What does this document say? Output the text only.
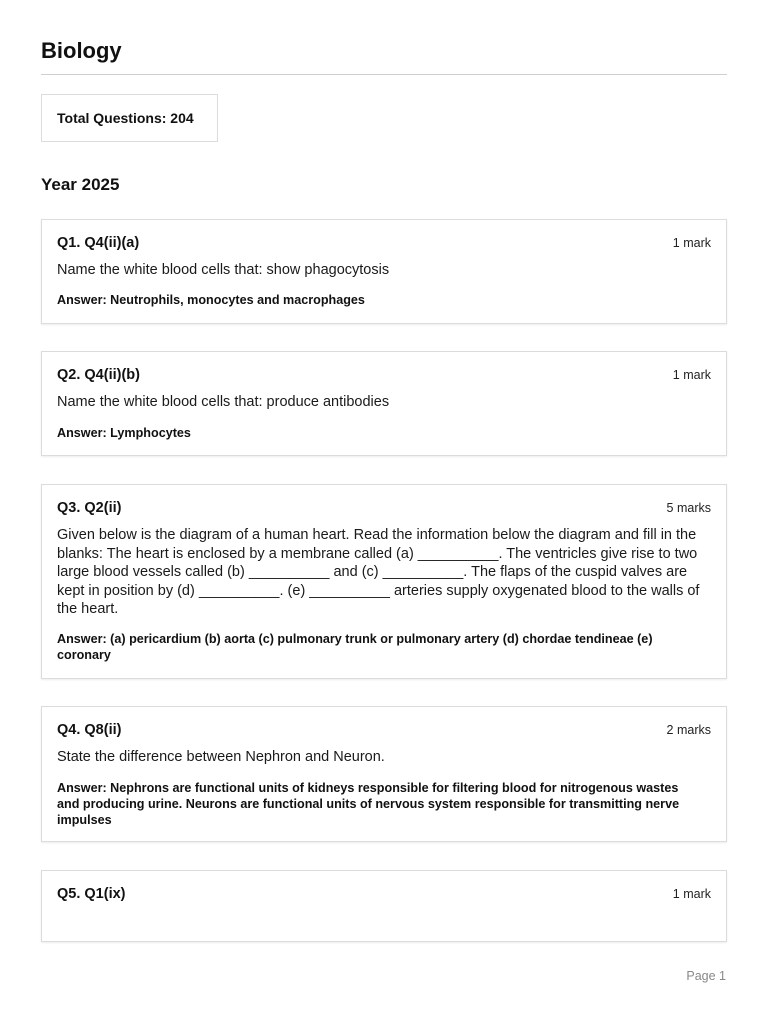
Biology
Total Questions: 204
Year 2025
Q1. Q4(ii)(a)	1 mark
Name the white blood cells that: show phagocytosis
Answer: Neutrophils, monocytes and macrophages
Q2. Q4(ii)(b)	1 mark
Name the white blood cells that: produce antibodies
Answer: Lymphocytes
Q3. Q2(ii)	5 marks
Given below is the diagram of a human heart. Read the information below the diagram and fill in the blanks: The heart is enclosed by a membrane called (a) __________. The ventricles give rise to two large blood vessels called (b) __________ and (c) __________. The flaps of the cuspid valves are kept in position by (d) __________. (e) __________ arteries supply oxygenated blood to the walls of the heart.
Answer: (a) pericardium (b) aorta (c) pulmonary trunk or pulmonary artery (d) chordae tendineae (e) coronary
Q4. Q8(ii)	2 marks
State the difference between Nephron and Neuron.
Answer: Nephrons are functional units of kidneys responsible for filtering blood for nitrogenous wastes and producing urine. Neurons are functional units of nervous system responsible for transmitting nerve impulses
Q5. Q1(ix)	1 mark
Page 1
